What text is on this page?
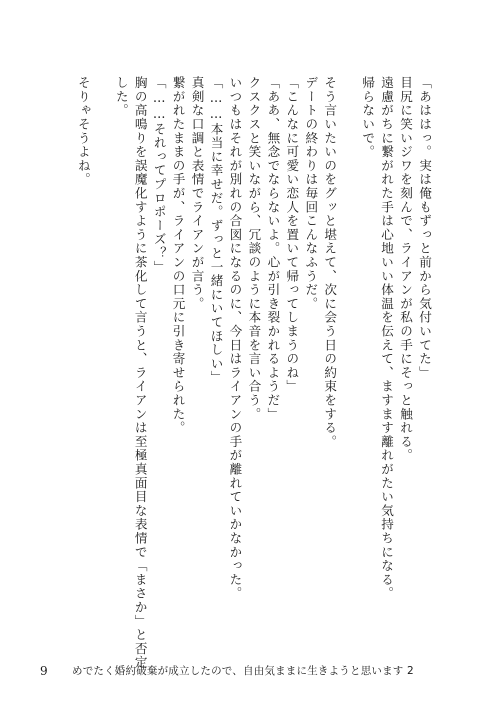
「あははっ。実は俺もずっと前から気付いてた」
目尻に笑いジワを刻んで、ライアンが私の手にそっと触れる。
遠慮がちに繋がれた手は心地いい体温を伝えて、ますます離れがたい気持ちになる。
帰らないで。
そう言いたいのをグッと堪えて、次に会う日の約束をする。
デートの終わりは毎回こんなふうだ。
「こんなに可愛い恋人を置いて帰ってしまうのね」
「ああ、無念でならないよ。心が引き裂かれるようだ」
クスクスと笑いながら、冗談のように本音を言い合う。
いつもはそれが別れの合図になるのに、今日はライアンの手が離れていかなかった。
「……本当に幸せだ。ずっと一緒にいてほしい」
真剣な口調と表情でライアンが言う。
繋がれたままの手が、ライアンの口元に引き寄せられた。
「……それってプロポーズ？」
胸の高鳴りを誤魔化すように茶化して言うと、ライアンは至極真面目な表情で「まさか」と否定
した。
そりゃそうよね。
9 めでたく婚約破棄が成立したので、自由気ままに生きようと思います 2
